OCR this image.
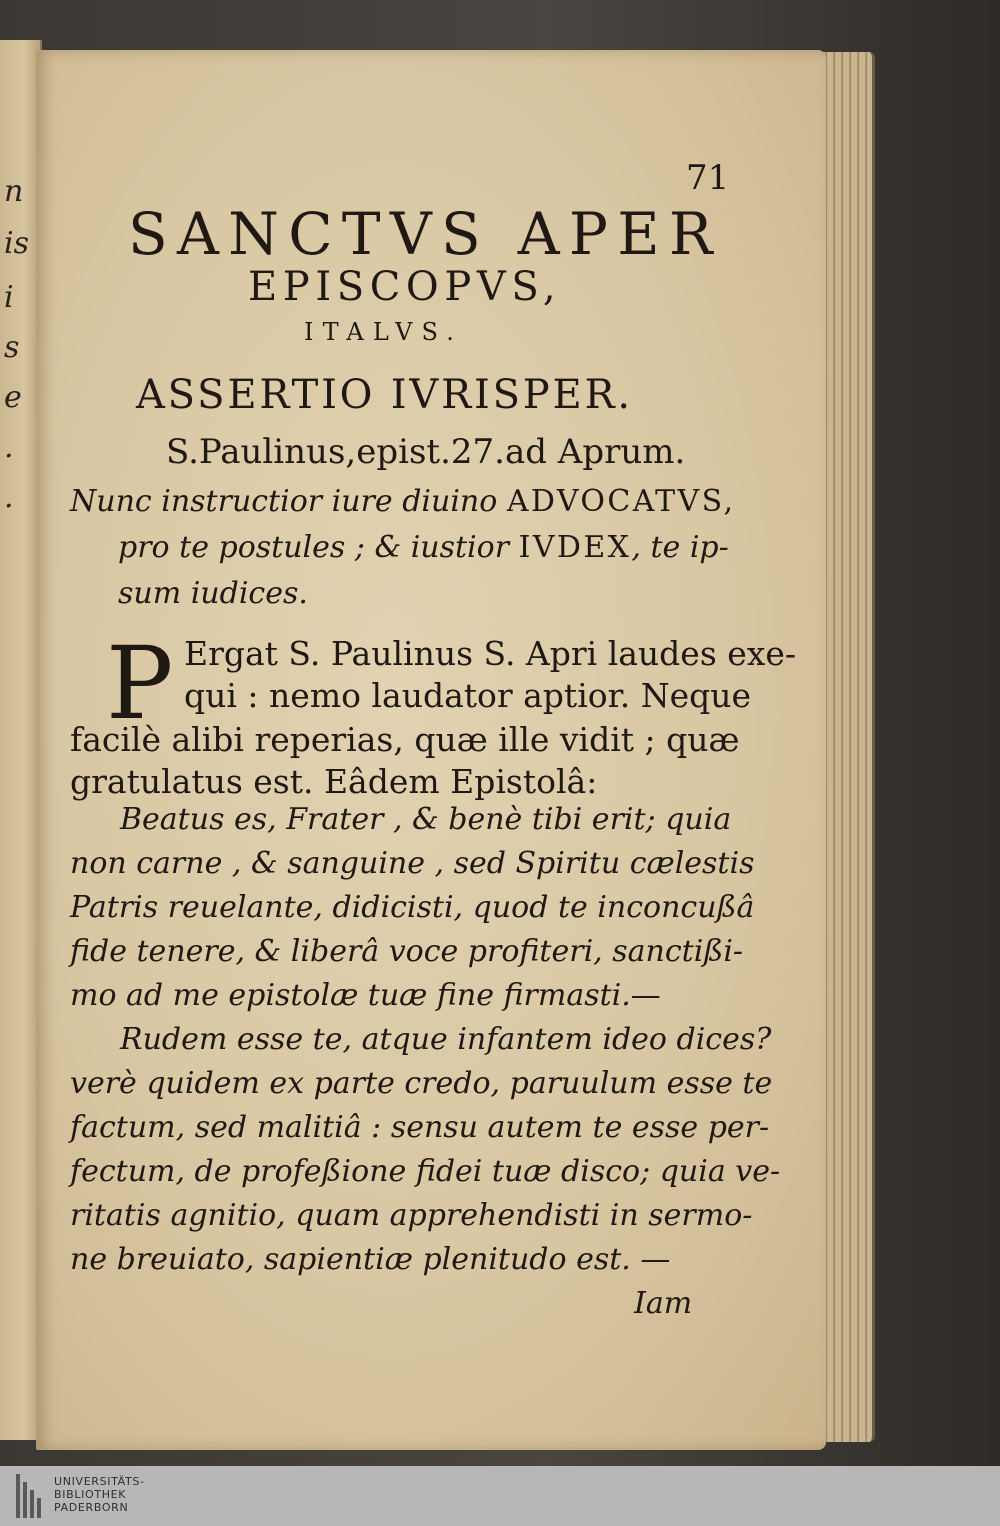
n
is
i
s
e
.
.
71
SANCTVS APER
EPISCOPVS,
ITALVS.
ASSERTIO IVRISPER.
S.Paulinus,epist.27.ad Aprum.
Nunc instructior iure diuino ADVOCATVS,
pro te postules ; & iustior IVDEX, te ip-
sum iudices.
P Ergat S. Paulinus S. Apri laudes exe-
qui : nemo laudator aptior. Neque
facilè alibi reperias, quæ ille vidit ; quæ
gratulatus est. Eâdem Epistolâ:
Beatus es, Frater , & benè tibi erit; quia
non carne , & sanguine , sed Spiritu cælestis
Patris reuelante, didicisti, quod te inconcußâ
fide tenere, & liberâ voce profiteri, sanctißi-
mo ad me epistolæ tuæ fine firmasti.—
Rudem esse te, atque infantem ideo dices?
verè quidem ex parte credo, paruulum esse te
factum, sed malitiâ : sensu autem te esse per-
fectum, de profeßione fidei tuæ disco; quia ve-
ritatis agnitio, quam apprehendisti in sermo-
ne breuiato, sapientiæ plenitudo est. —
Iam
UNIVERSITÄTS-
BIBLIOTHEK
PADERBORN
